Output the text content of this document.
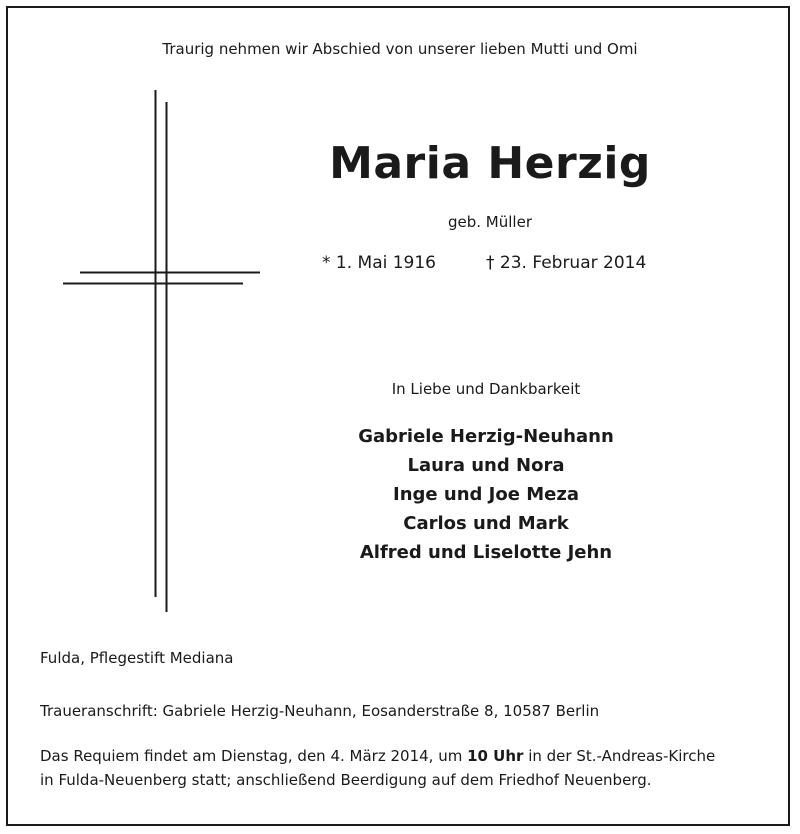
Traurig nehmen wir Abschied von unserer lieben Mutti und Omi
Maria Herzig
geb. Müller
* 1. Mai 1916	† 23. Februar 2014
In Liebe und Dankbarkeit
Gabriele Herzig-Neuhann
Laura und Nora
Inge und Joe Meza
Carlos und Mark
Alfred und Liselotte Jehn
Fulda, Pflegestift Mediana
Traueranschrift: Gabriele Herzig-Neuhann, Eosanderstraße 8, 10587 Berlin
Das Requiem findet am Dienstag, den 4. März 2014, um 10 Uhr in der St.-Andreas-Kirche
in Fulda-Neuenberg statt; anschließend Beerdigung auf dem Friedhof Neuenberg.
